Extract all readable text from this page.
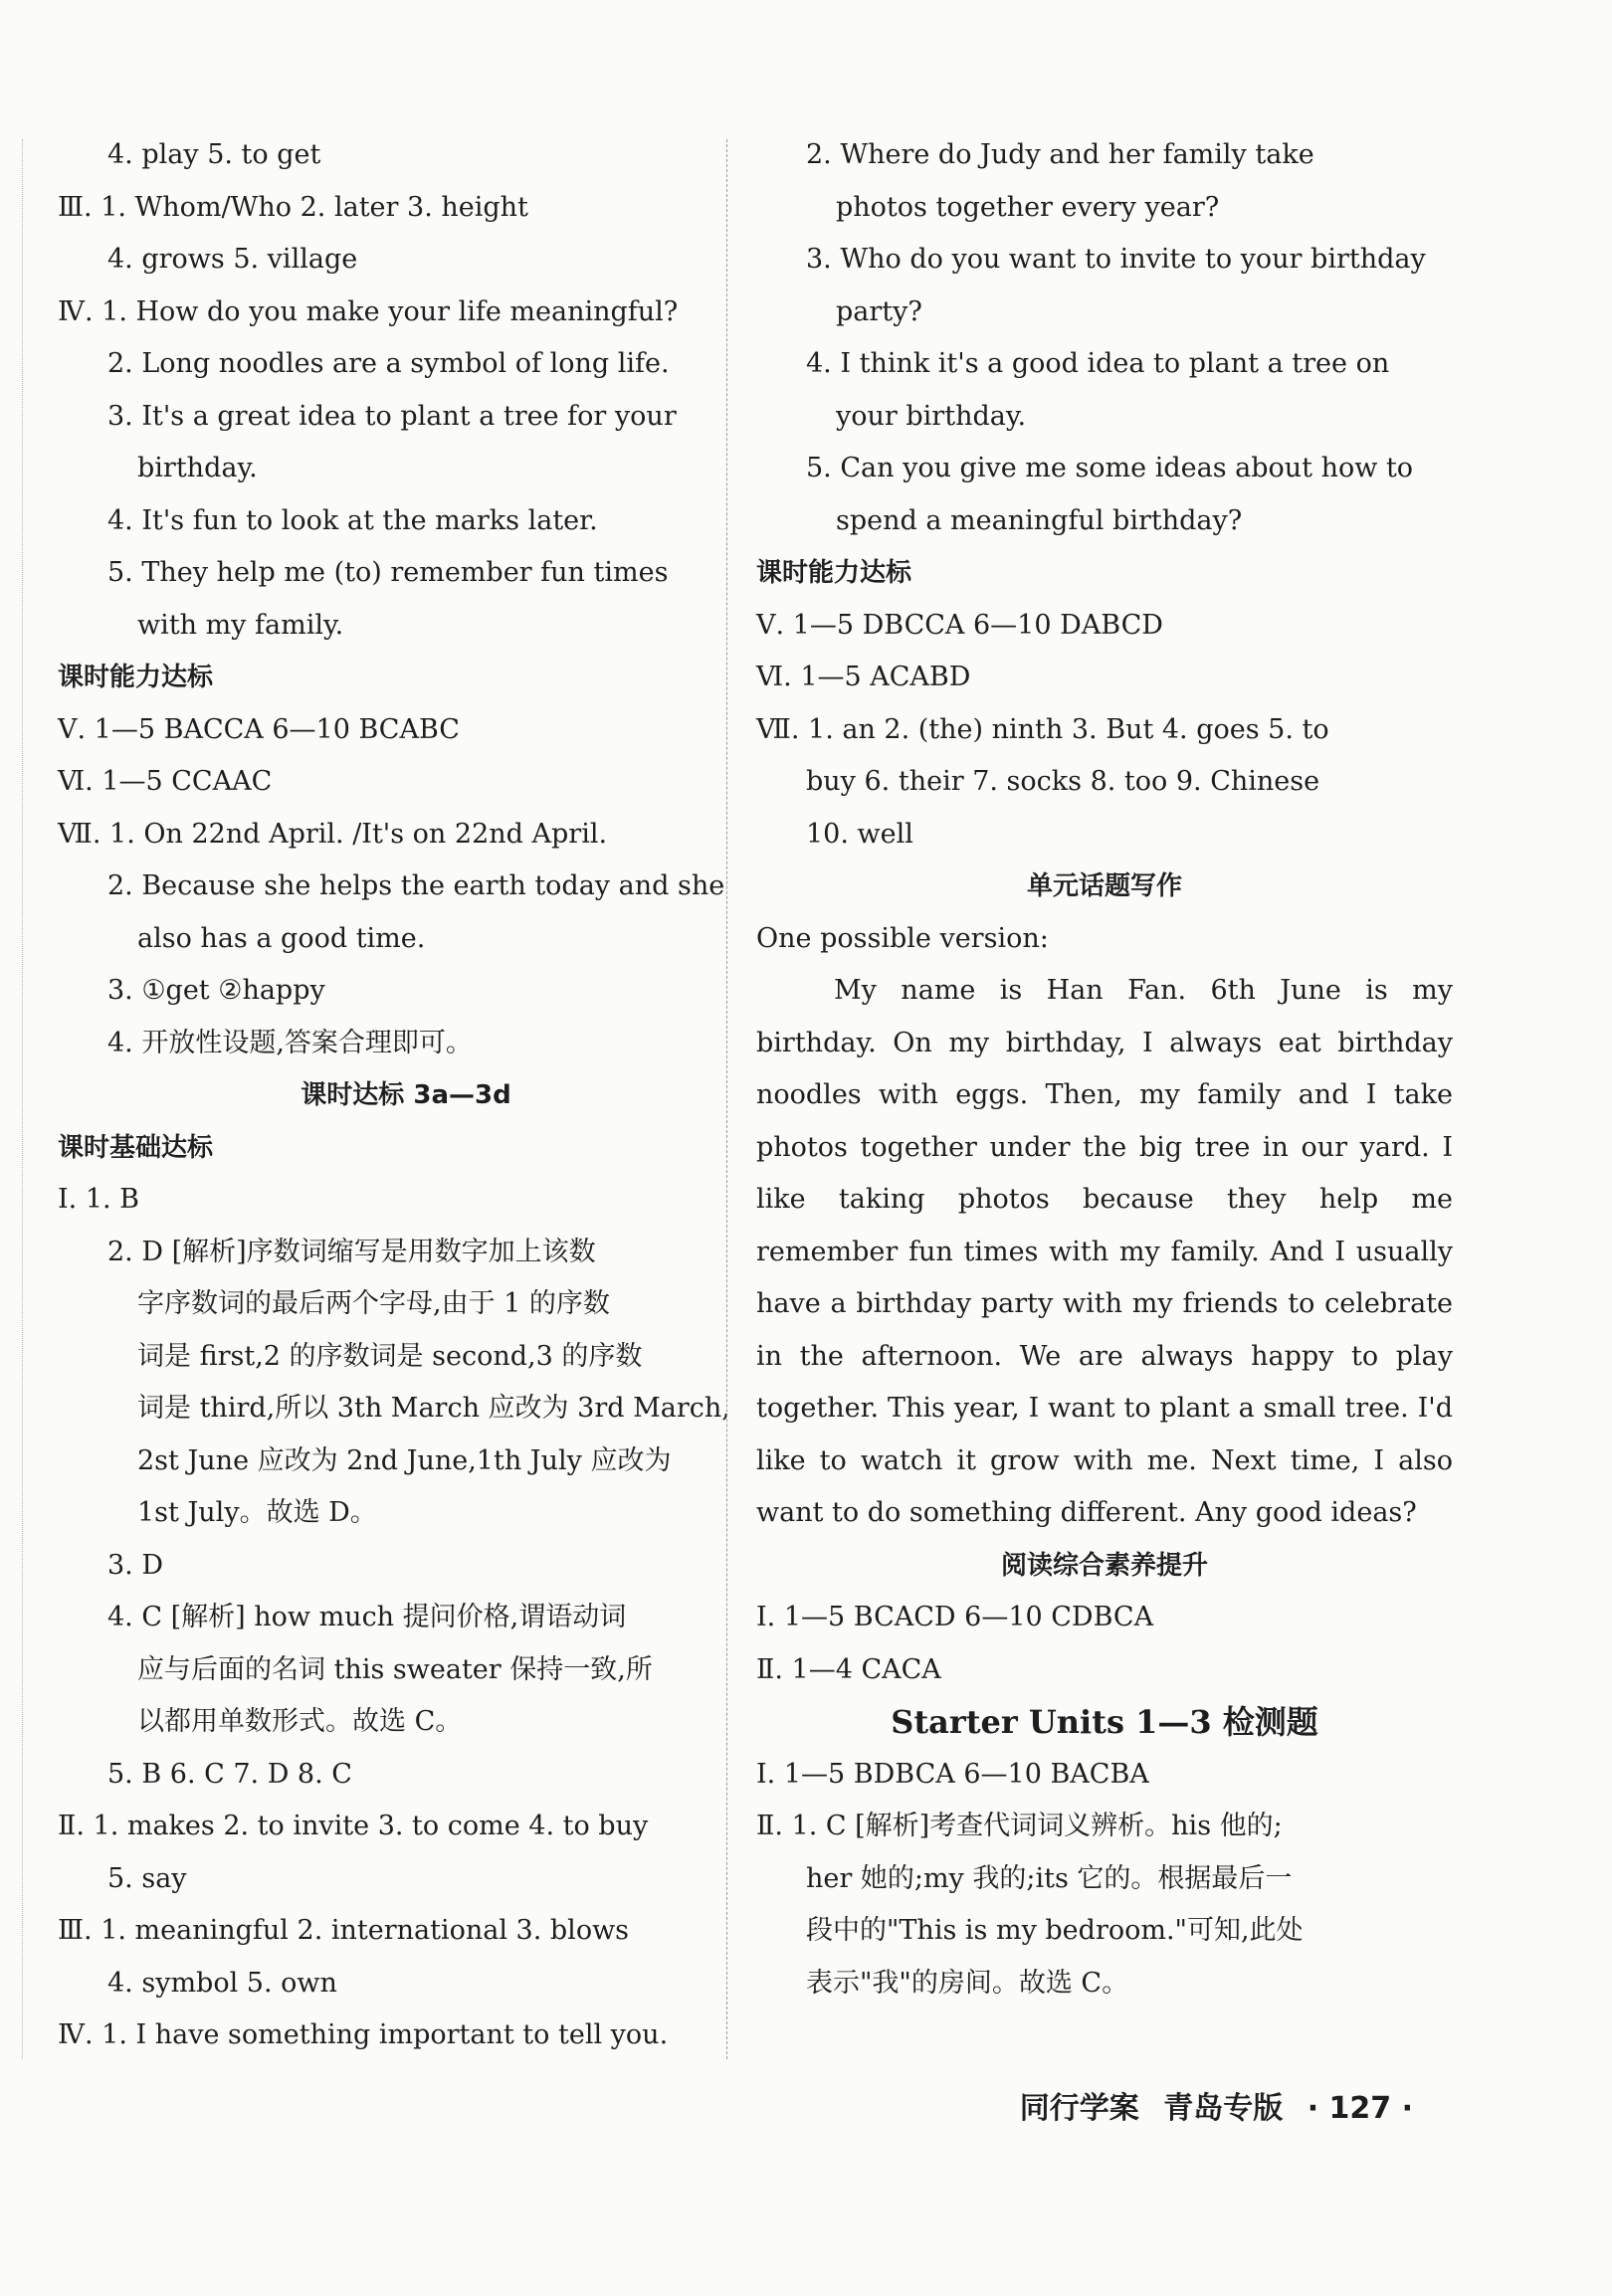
4. play 5. to get
Ⅲ. 1. Whom/Who 2. later 3. height
4. grows 5. village
Ⅳ. 1. How do you make your life meaningful?
2. Long noodles are a symbol of long life.
3. It's a great idea to plant a tree for your
birthday.
4. It's fun to look at the marks later.
5. They help me (to) remember fun times
with my family.
课时能力达标
Ⅴ. 1—5 BACCA 6—10 BCABC
Ⅵ. 1—5 CCAAC
Ⅶ. 1. On 22nd April. /It's on 22nd April.
2. Because she helps the earth today and she
also has a good time.
3. ①get ②happy
4. 开放性设题,答案合理即可。
课时达标 3a—3d
课时基础达标
Ⅰ. 1. B
2. D [解析]序数词缩写是用数字加上该数
字序数词的最后两个字母,由于 1 的序数
词是 first,2 的序数词是 second,3 的序数
词是 third,所以 3th March 应改为 3rd March,
2st June 应改为 2nd June,1th July 应改为
1st July。故选 D。
3. D
4. C [解析] how much 提问价格,谓语动词
应与后面的名词 this sweater 保持一致,所
以都用单数形式。故选 C。
5. B 6. C 7. D 8. C
Ⅱ. 1. makes 2. to invite 3. to come 4. to buy
5. say
Ⅲ. 1. meaningful 2. international 3. blows
4. symbol 5. own
Ⅳ. 1. I have something important to tell you.
2. Where do Judy and her family take
photos together every year?
3. Who do you want to invite to your birthday
party?
4. I think it's a good idea to plant a tree on
your birthday.
5. Can you give me some ideas about how to
spend a meaningful birthday?
课时能力达标
Ⅴ. 1—5 DBCCA 6—10 DABCD
Ⅵ. 1—5 ACABD
Ⅶ. 1. an 2. (the) ninth 3. But 4. goes 5. to
buy 6. their 7. socks 8. too 9. Chinese
10. well
单元话题写作
One possible version:
My name is Han Fan. 6th June is my birthday. On my birthday, I always eat birthday noodles with eggs. Then, my family and I take photos together under the big tree in our yard. I like taking photos because they help me remember fun times with my family. And I usually have a birthday party with my friends to celebrate in the afternoon. We are always happy to play together. This year, I want to plant a small tree. I'd like to watch it grow with me. Next time, I also want to do something different. Any good ideas?
阅读综合素养提升
Ⅰ. 1—5 BCACD 6—10 CDBCA
Ⅱ. 1—4 CACA
Starter Units 1—3 检测题
Ⅰ. 1—5 BDBCA 6—10 BACBA
Ⅱ. 1. C [解析]考查代词词义辨析。his 他的;
her 她的;my 我的;its 它的。根据最后一
段中的"This is my bedroom."可知,此处
表示"我"的房间。故选 C。
同行学案 青岛专版 · 127 ·
